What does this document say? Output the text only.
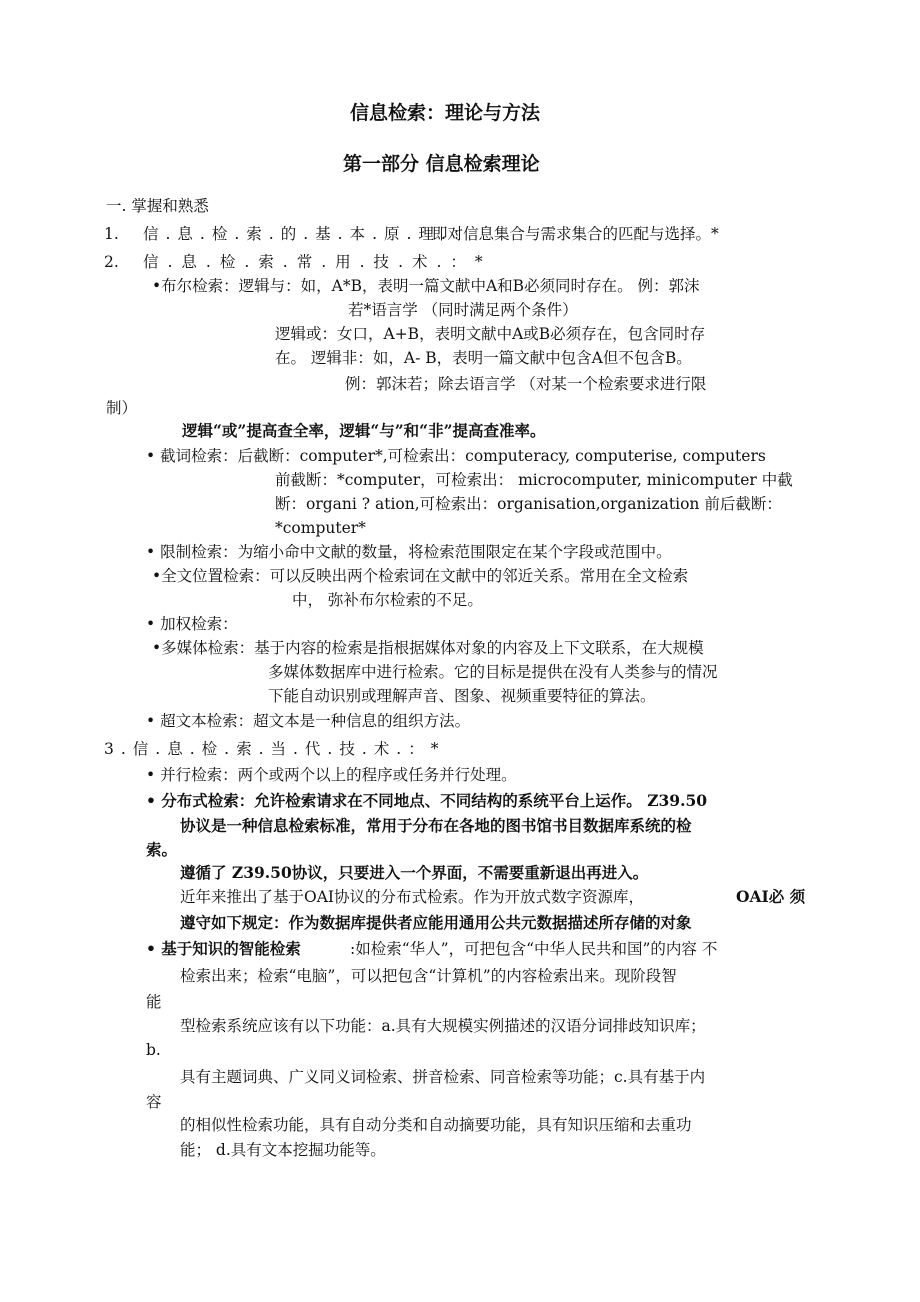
信息检索：理论与方法
第一部分 信息检索理论
一. 掌握和熟悉
1. 信.息.检.索.的.基.本.原.理.：
即对信息集合与需求集合的匹配与选择。*
2. 信.息.检.索.常.用.技.术.：*
•布尔检索：逻辑与：如，A*B，表明一篇文献中A和B必须同时存在。 例：郭沫
若*语言学 （同时满足两个条件）
逻辑或：女口，A+B，表明文献中A或B必须存在，包含同时存
在。 逻辑非：如，A- B，表明一篇文献中包含A但不包含B。
例：郭沫若；除去语言学 （对某一个检索要求进行限
制）
逻辑“或”提高查全率，逻辑“与”和“非”提高查准率。
• 截词检索：后截断：computer*,可检索出：computeracy, computerise, computers
前截断：*computer，可检索出： microcomputer, minicomputer 中截
断：organi ? ation,可检索出：organisation,organization 前后截断：
*computer*
• 限制检索：为缩小命中文献的数量，将检索范围限定在某个字段或范围中。
•全文位置检索：可以反映出两个检索词在文献中的邻近关系。常用在全文检索
中， 弥补布尔检索的不足。
• 加权检索：
•多媒体检索：基于内容的检索是指根据媒体对象的内容及上下文联系，在大规模
多媒体数据库中进行检索。它的目标是提供在没有人类参与的情况
下能自动识别或理解声音、图象、视频重要特征的算法。
• 超文本检索：超文本是一种信息的组织方法。
3.信.息.检.索.当.代.技.术.：*
• 并行检索：两个或两个以上的程序或任务并行处理。
• 分布式检索：允许检索请求在不同地点、不同结构的系统平台上运作。 Z39.50
协议是一种信息检索标准，常用于分布在各地的图书馆书目数据库系统的检
索。
遵循了 Z39.50协议，只要进入一个界面，不需要重新退出再进入。
近年来推出了基于OAI协议的分布式检索。作为开放式数字资源库，	OAI必 须
遵守如下规定：作为数据库提供者应能用通用公共元数据描述所存储的对象
• 基于知识的智能检索	:如检索“华人”，可把包含“中华人民共和国”的内容 不
检索出来；检索“电脑”，可以把包含“计算机”的内容检索出来。现阶段智
能
型检索系统应该有以下功能：a.具有大规模实例描述的汉语分词排歧知识库；
b.
具有主题词典、广义同义词检索、拼音检索、同音检索等功能；c.具有基于内
容
的相似性检索功能，具有自动分类和自动摘要功能，具有知识压缩和去重功
能； d.具有文本挖掘功能等。
